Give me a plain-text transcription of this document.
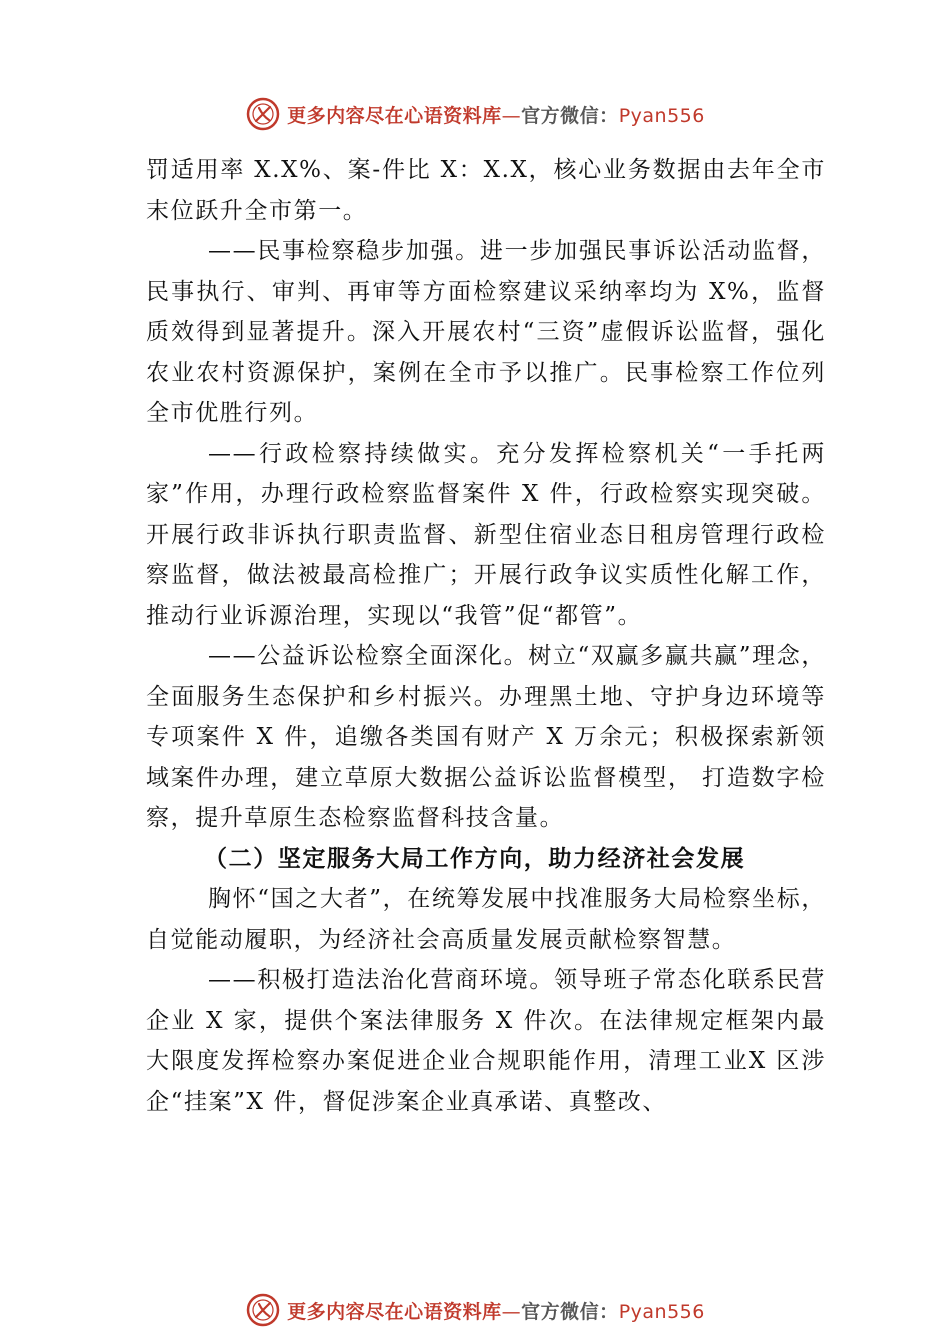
更多内容尽在心语资料库—官方微信：Pyan556

罚适用率 X.X%、案-件比 X：X.X，核心业务数据由去年全市末位跃升全市第一。

——民事检察稳步加强。进一步加强民事诉讼活动监督，民事执行、审判、再审等方面检察建议采纳率均为 X%，监督质效得到显著提升。深入开展农村“三资”虚假诉讼监督，强化农业农村资源保护，案例在全市予以推广。民事检察工作位列全市优胜行列。

——行政检察持续做实。充分发挥检察机关“一手托两家”作用，办理行政检察监督案件 X 件，行政检察实现突破。开展行政非诉执行职责监督、新型住宿业态日租房管理行政检察监督，做法被最高检推广；开展行政争议实质性化解工作，推动行业诉源治理，实现以“我管”促“都管”。

——公益诉讼检察全面深化。树立“双赢多赢共赢”理念， 全面服务生态保护和乡村振兴。办理黑土地、守护身边环境等专项案件 X 件，追缴各类国有财产 X 万余元；积极探索新领域案件办理，建立草原大数据公益诉讼监督模型， 打造数字检察，提升草原生态检察监督科技含量。

（二）坚定服务大局工作方向，助力经济社会发展

胸怀“国之大者”，在统筹发展中找准服务大局检察坐标，自觉能动履职，为经济社会高质量发展贡献检察智慧。

——积极打造法治化营商环境。领导班子常态化联系民营企业 X 家，提供个案法律服务 X 件次。在法律规定框架内最大限度发挥检察办案促进企业合规职能作用，清理工业X 区涉企“挂案”X 件，督促涉案企业真承诺、真整改、

更多内容尽在心语资料库—官方微信：Pyan556
